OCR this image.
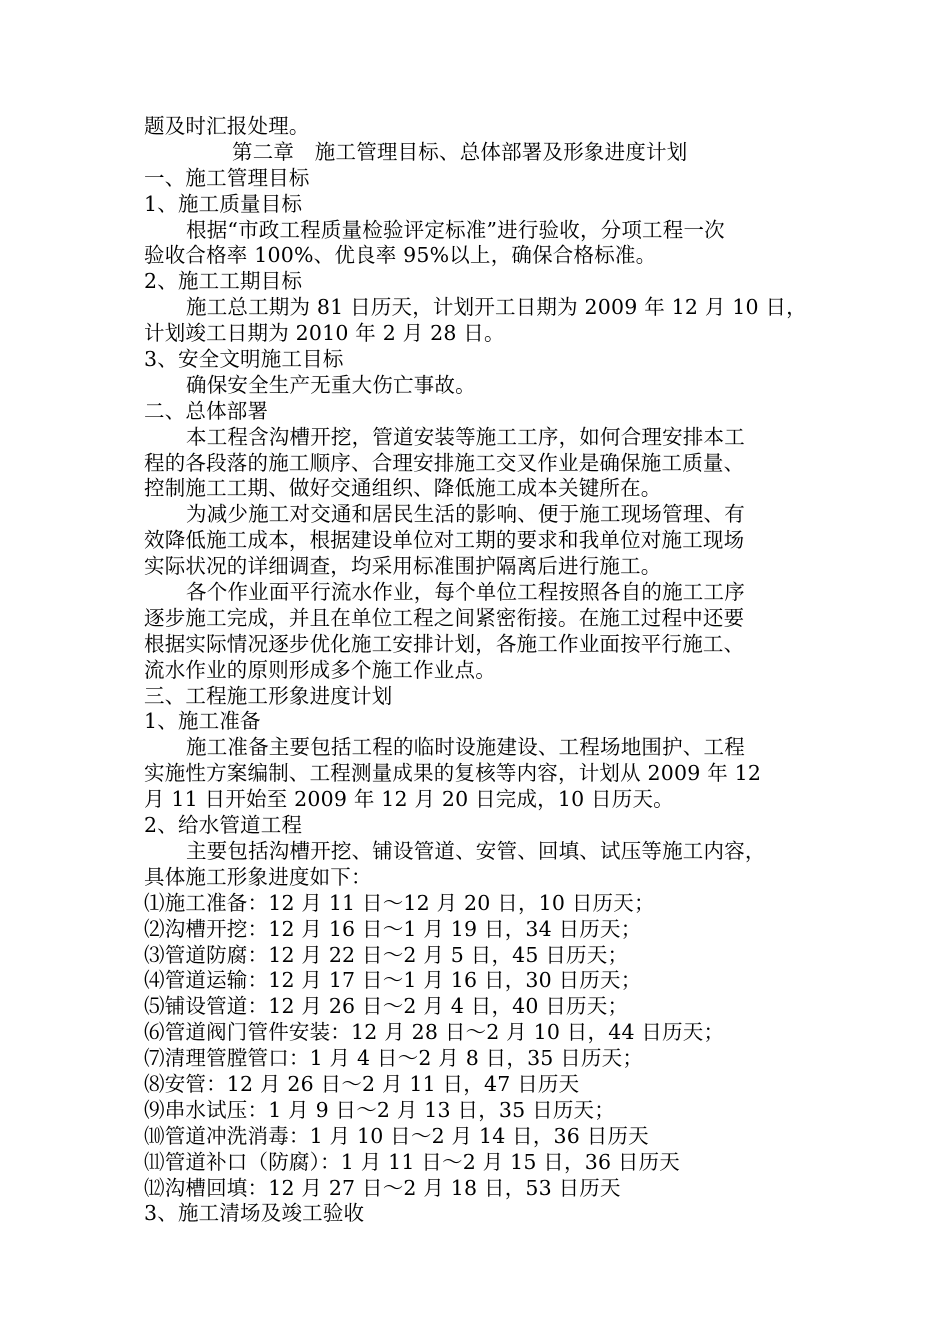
题及时汇报处理。
第二章　施工管理目标、总体部署及形象进度计划
一、施工管理目标
1、施工质量目标
根据“市政工程质量检验评定标准”进行验收，分项工程一次
验收合格率 100%、优良率 95%以上，确保合格标准。
2、施工工期目标
施工总工期为 81 日历天，计划开工日期为 2009 年 12 月 10 日，
计划竣工日期为 2010 年 2 月 28 日。
3、安全文明施工目标
确保安全生产无重大伤亡事故。
二、总体部署
本工程含沟槽开挖，管道安装等施工工序，如何合理安排本工
程的各段落的施工顺序、合理安排施工交叉作业是确保施工质量、
控制施工工期、做好交通组织、降低施工成本关键所在。
为减少施工对交通和居民生活的影响、便于施工现场管理、有
效降低施工成本，根据建设单位对工期的要求和我单位对施工现场
实际状况的详细调查，均采用标准围护隔离后进行施工。
各个作业面平行流水作业，每个单位工程按照各自的施工工序
逐步施工完成，并且在单位工程之间紧密衔接。在施工过程中还要
根据实际情况逐步优化施工安排计划，各施工作业面按平行施工、
流水作业的原则形成多个施工作业点。
三、工程施工形象进度计划
1、施工准备
施工准备主要包括工程的临时设施建设、工程场地围护、工程
实施性方案编制、工程测量成果的复核等内容，计划从 2009 年 12
月 11 日开始至 2009 年 12 月 20 日完成，10 日历天。
2、给水管道工程
主要包括沟槽开挖、铺设管道、安管、回填、试压等施工内容，
具体施工形象进度如下：
⑴施工准备：12 月 11 日～12 月 20 日，10 日历天；
⑵沟槽开挖：12 月 16 日～1 月 19 日，34 日历天；
⑶管道防腐：12 月 22 日～2 月 5 日，45 日历天；
⑷管道运输：12 月 17 日～1 月 16 日，30 日历天；
⑸铺设管道：12 月 26 日～2 月 4 日，40 日历天；
⑹管道阀门管件安装：12 月 28 日～2 月 10 日，44 日历天；
⑺清理管膛管口：1 月 4 日～2 月 8 日，35 日历天；
⑻安管：12 月 26 日～2 月 11 日，47 日历天
⑼串水试压：1 月 9 日～2 月 13 日，35 日历天；
⑽管道冲洗消毒：1 月 10 日～2 月 14 日，36 日历天
⑾管道补口（防腐）：1 月 11 日～2 月 15 日，36 日历天
⑿沟槽回填：12 月 27 日～2 月 18 日，53 日历天
3、施工清场及竣工验收
